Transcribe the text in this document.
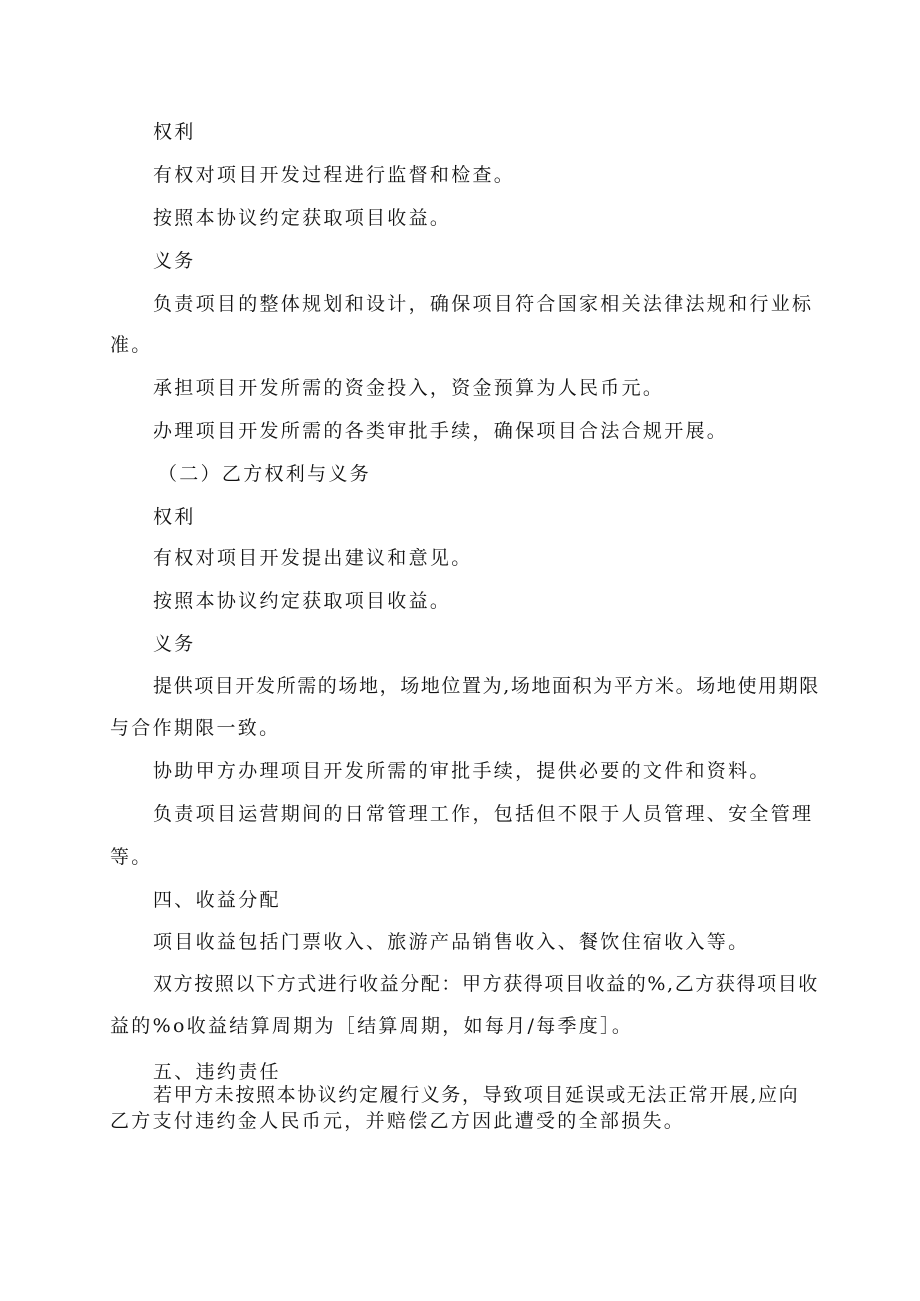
权利
有权对项目开发过程进行监督和检查。
按照本协议约定获取项目收益。
义务
负责项目的整体规划和设计，确保项目符合国家相关法律法规和行业标
准。
承担项目开发所需的资金投入，资金预算为人民币元。
办理项目开发所需的各类审批手续，确保项目合法合规开展。
（二）乙方权利与义务
权利
有权对项目开发提出建议和意见。
按照本协议约定获取项目收益。
义务
提供项目开发所需的场地，场地位置为,场地面积为平方米。场地使用期限
与合作期限一致。
协助甲方办理项目开发所需的审批手续，提供必要的文件和资料。
负责项目运营期间的日常管理工作，包括但不限于人员管理、安全管理
等。
四、收益分配
项目收益包括门票收入、旅游产品销售收入、餐饮住宿收入等。
双方按照以下方式进行收益分配：甲方获得项目收益的%,乙方获得项目收
益的%o收益结算周期为［结算周期，如每月/每季度］。
五、违约责任
若甲方未按照本协议约定履行义务，导致项目延误或无法正常开展,应向
乙方支付违约金人民币元，并赔偿乙方因此遭受的全部损失。
